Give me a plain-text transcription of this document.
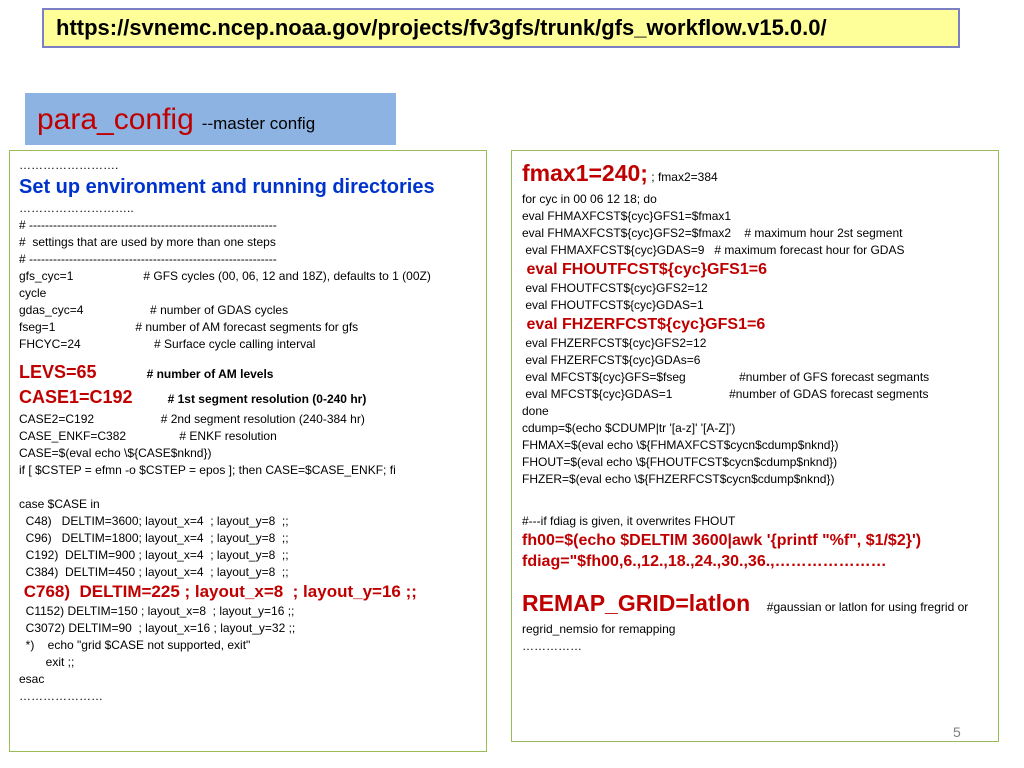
https://svnemc.ncep.noaa.gov/projects/fv3gfs/trunk/gfs_workflow.v15.0.0/
para_config --master config
…………………….
Set up environment and running directories
………………………..
# --------------------------------------------------------------
#  settings that are used by more than one steps
# --------------------------------------------------------------
gfs_cyc=1                     # GFS cycles (00, 06, 12 and 18Z), defaults to 1 (00Z)
cycle
gdas_cyc=4                    # number of GDAS cycles
fseg=1                        # number of AM forecast segments for gfs
FHCYC=24                      # Surface cycle calling interval
LEVS=65	# number of AM levels
CASE1=C192	# 1st segment resolution (0-240 hr)
CASE2=C192                    # 2nd segment resolution (240-384 hr)
CASE_ENKF=C382                # ENKF resolution
CASE=$(eval echo \${CASE$nknd})
if [ $CSTEP = efmn -o $CSTEP = epos ]; then CASE=$CASE_ENKF; fi
case $CASE in
C48)   DELTIM=3600; layout_x=4  ; layout_y=8  ;;
C96)   DELTIM=1800; layout_x=4  ; layout_y=8  ;;
C192)  DELTIM=900 ; layout_x=4  ; layout_y=8  ;;
C384)  DELTIM=450 ; layout_x=4  ; layout_y=8  ;;
C768)  DELTIM=225 ; layout_x=8  ; layout_y=16 ;;
C1152) DELTIM=150 ; layout_x=8  ; layout_y=16 ;;
C3072) DELTIM=90  ; layout_x=16 ; layout_y=32 ;;
*)    echo "grid $CASE not supported, exit"
exit ;;
esac
…………………
fmax1=240; ; fmax2=384
for cyc in 00 06 12 18; do
eval FHMAXFCST${cyc}GFS1=$fmax1
eval FHMAXFCST${cyc}GFS2=$fmax2    # maximum hour 2st segment
eval FHMAXFCST${cyc}GDAS=9   # maximum forecast hour for GDAS
eval FHOUTFCST${cyc}GFS1=6
eval FHOUTFCST${cyc}GFS2=12
eval FHOUTFCST${cyc}GDAS=1
eval FHZERFCST${cyc}GFS1=6
eval FHZERFCST${cyc}GFS2=12
eval FHZERFCST${cyc}GDAs=6
eval MFCST${cyc}GFS=$fseg                #number of GFS forecast segmants
eval MFCST${cyc}GDAS=1                 #number of GDAS forecast segments
done
cdump=$(echo $CDUMP|tr '[a-z]' '[A-Z]')
FHMAX=$(eval echo \${FHMAXFCST$cycn$cdump$nknd})
FHOUT=$(eval echo \${FHOUTFCST$cycn$cdump$nknd})
FHZER=$(eval echo \${FHZERFCST$cycn$cdump$nknd})
#---if fdiag is given, it overwrites FHOUT
fh00=$(echo $DELTIM 3600|awk '{printf "%f", $1/$2}')
fdiag="$fh00,6.,12.,18.,24.,30.,36.,…………………
REMAP_GRID=latlon     #gaussian or latlon for using fregrid or
regrid_nemsio for remapping
……………
5
